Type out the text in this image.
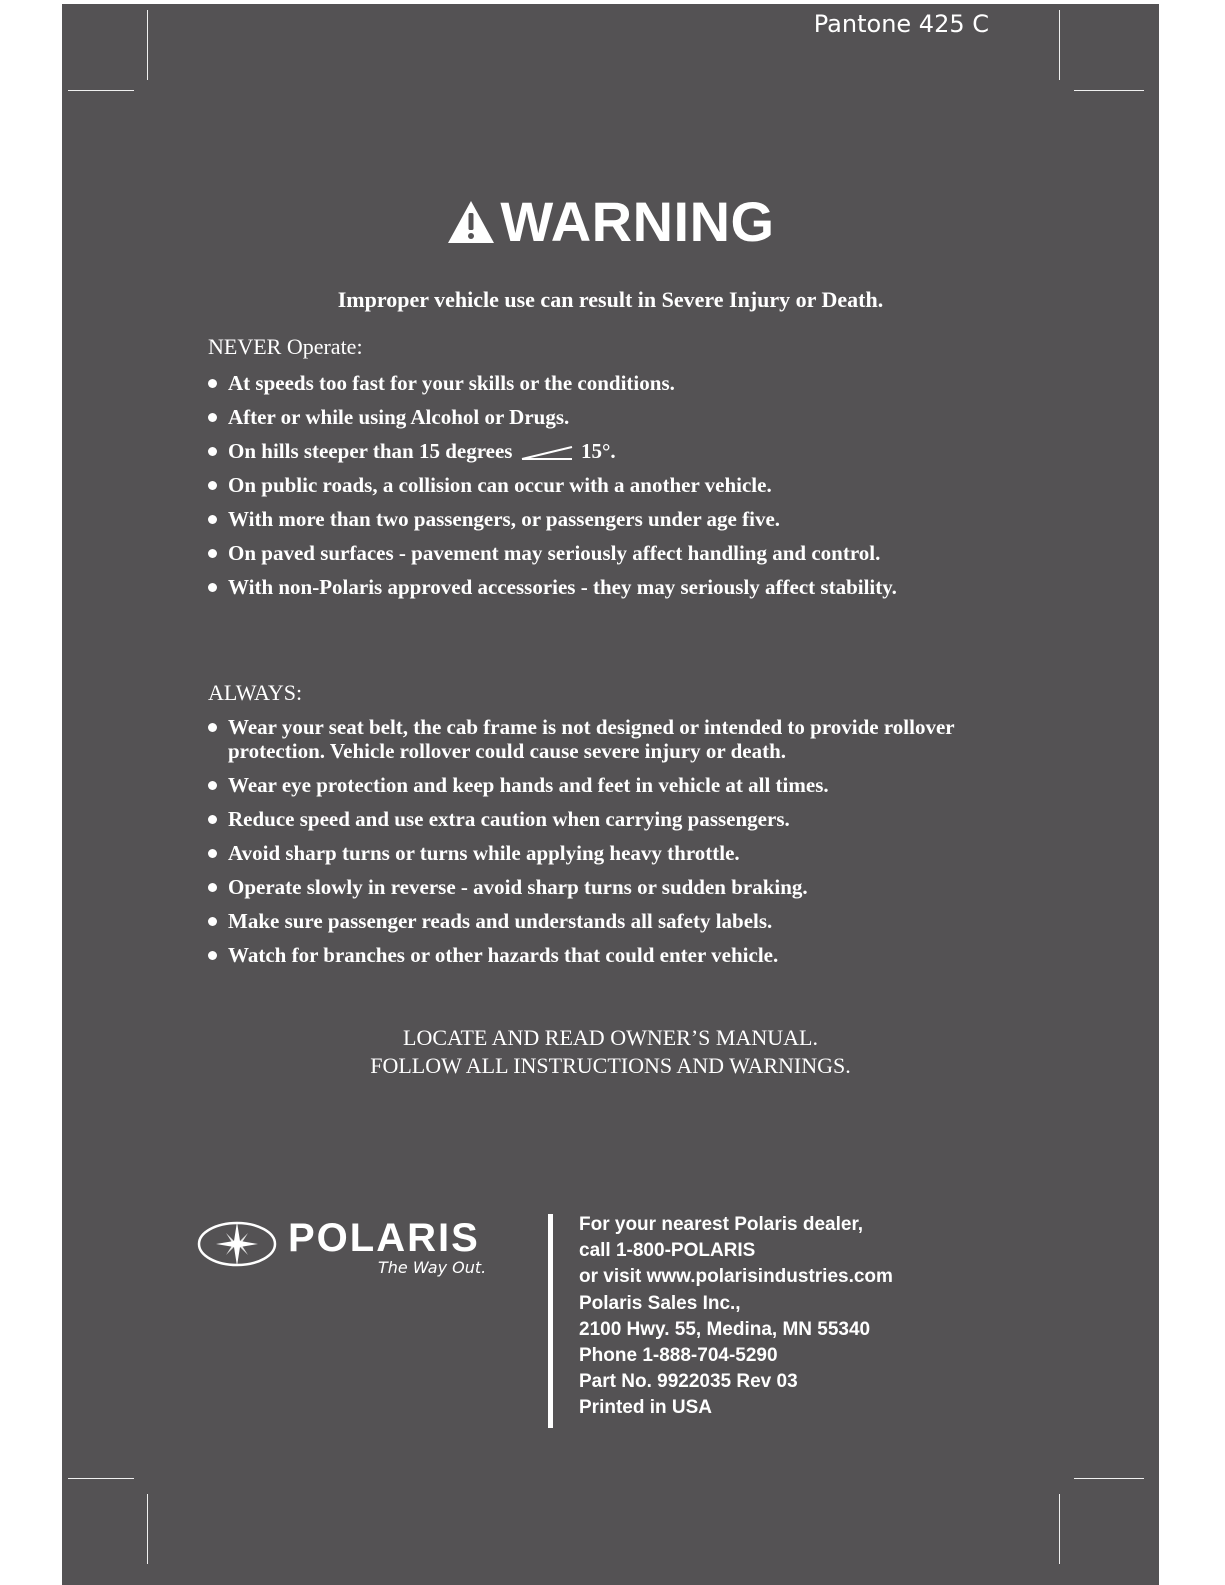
Pantone 425 C
WARNING
Improper vehicle use can result in Severe Injury or Death.
NEVER Operate:
At speeds too fast for your skills or the conditions.
After or while using Alcohol or Drugs.
On hills steeper than 15 degrees	15°.
On public roads, a collision can occur with a another vehicle.
With more than two passengers, or passengers under age five.
On paved surfaces - pavement may seriously affect handling and control.
With non-Polaris approved accessories - they may seriously affect stability.
ALWAYS:
Wear your seat belt, the cab frame is not designed or intended to provide rollover protection. Vehicle rollover could cause severe injury or death.
Wear eye protection and keep hands and feet in vehicle at all times.
Reduce speed and use extra caution when carrying passengers.
Avoid sharp turns or turns while applying heavy throttle.
Operate slowly in reverse - avoid sharp turns or sudden braking.
Make sure passenger reads and understands all safety labels.
Watch for branches or other hazards that could enter vehicle.
LOCATE AND READ OWNER’S MANUAL.
FOLLOW ALL INSTRUCTIONS AND WARNINGS.
POLARIS
The Way Out.
For your nearest Polaris dealer,
call 1-800-POLARIS
or visit www.polarisindustries.com
Polaris Sales Inc.,
2100 Hwy. 55, Medina, MN 55340
Phone 1-888-704-5290
Part No. 9922035 Rev 03
Printed in USA
